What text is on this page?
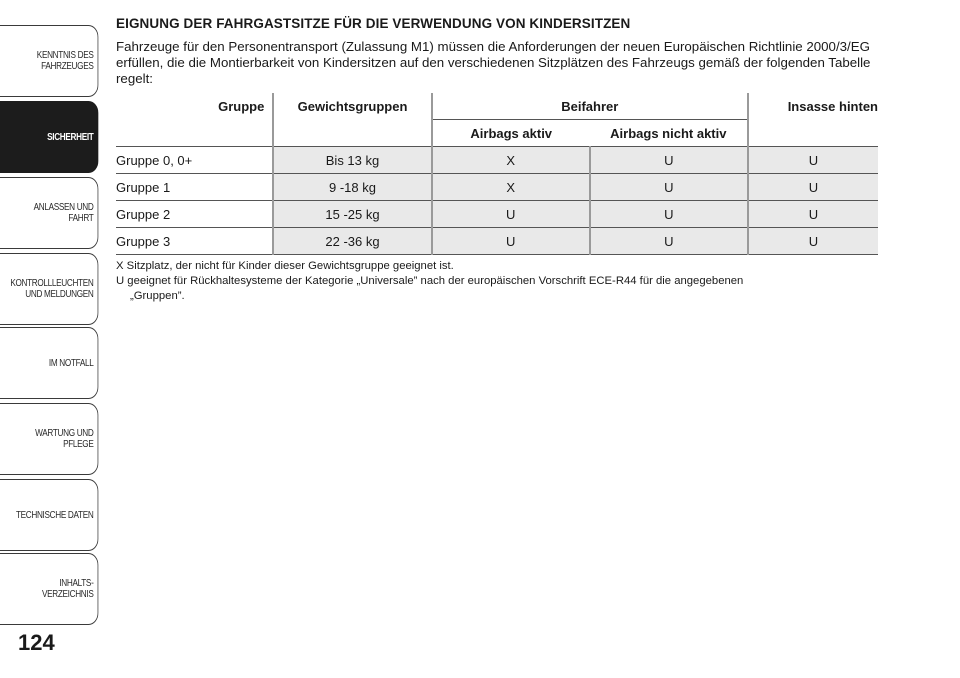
KENNTNIS DES
FAHRZEUGES
SICHERHEIT
ANLASSEN UND
FAHRT
KONTROLLLEUCHTEN
UND MELDUNGEN
IM NOTFALL
WARTUNG UND
PFLEGE
TECHNISCHE DATEN
INHALTS-
VERZEICHNIS
124
EIGNUNG DER FAHRGASTSITZE FÜR DIE VERWENDUNG VON KINDERSITZEN

Fahrzeuge für den Personentransport (Zulassung M1) müssen die Anforderungen der neuen Europäischen Richtlinie 2000/3/EG erfüllen, die die Montierbarkeit von Kindersitzen auf den verschiedenen Sitzplätzen des Fahrzeugs gemäß der folgenden Tabelle regelt:

Gruppe	Gewichtsgruppen	Beifahrer		Insasse hinten
		Airbags aktiv	Airbags nicht aktiv	
Gruppe 0, 0+	Bis 13 kg	X	U	U
Gruppe 1	9 -18 kg	X	U	U
Gruppe 2	15 -25 kg	U	U	U
Gruppe 3	22 -36 kg	U	U	U

X Sitzplatz, der nicht für Kinder dieser Gewichtsgruppe geeignet ist.

U geeignet für Rückhaltesysteme der Kategorie „Universale” nach der europäischen Vorschrift ECE-R44 für die angegebenen

„Gruppen”.
